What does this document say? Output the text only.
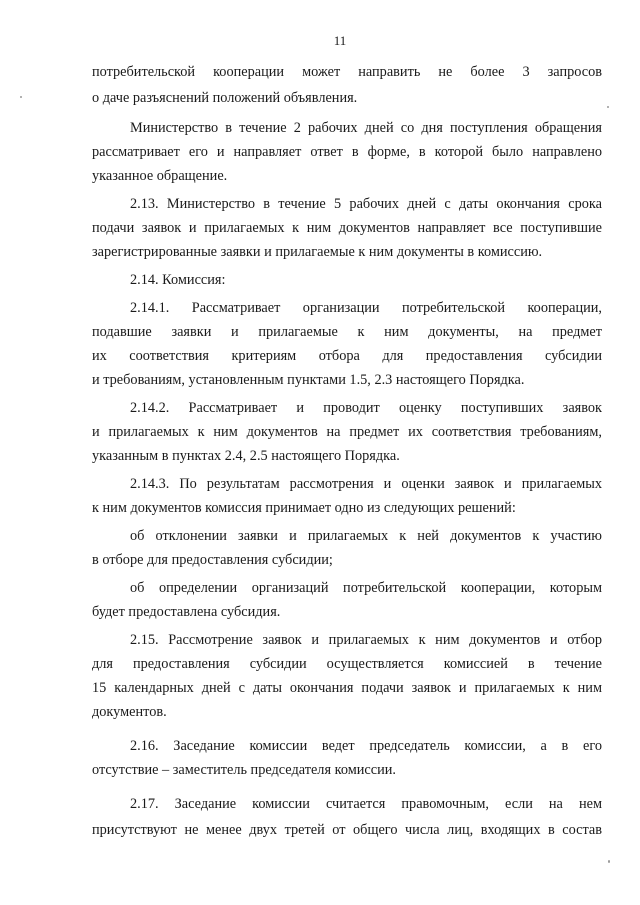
11
потребительской кооперации может направить не более 3 запросов
о даче разъяснений положений объявления.
Министерство в течение 2 рабочих дней со дня поступления обращения
рассматривает его и направляет ответ в форме, в которой было направлено
указанное обращение.
2.13. Министерство в течение 5 рабочих дней с даты окончания срока
подачи заявок и прилагаемых к ним документов направляет все поступившие
зарегистрированные заявки и прилагаемые к ним документы в комиссию.
2.14. Комиссия:
2.14.1. Рассматривает организации потребительской кооперации,
подавшие заявки и прилагаемые к ним документы, на предмет
их соответствия критериям отбора для предоставления субсидии
и требованиям, установленным пунктами 1.5, 2.3 настоящего Порядка.
2.14.2. Рассматривает и проводит оценку поступивших заявок
и прилагаемых к ним документов на предмет их соответствия требованиям,
указанным в пунктах 2.4, 2.5 настоящего Порядка.
2.14.3. По результатам рассмотрения и оценки заявок и прилагаемых
к ним документов комиссия принимает одно из следующих решений:
об отклонении заявки и прилагаемых к ней документов к участию
в отборе для предоставления субсидии;
об определении организаций потребительской кооперации, которым
будет предоставлена субсидия.
2.15. Рассмотрение заявок и прилагаемых к ним документов и отбор
для предоставления субсидии осуществляется комиссией в течение
15 календарных дней с даты окончания подачи заявок и прилагаемых к ним
документов.
2.16. Заседание комиссии ведет председатель комиссии, а в его
отсутствие – заместитель председателя комиссии.
2.17. Заседание комиссии считается правомочным, если на нем
присутствуют не менее двух третей от общего числа лиц, входящих в состав
